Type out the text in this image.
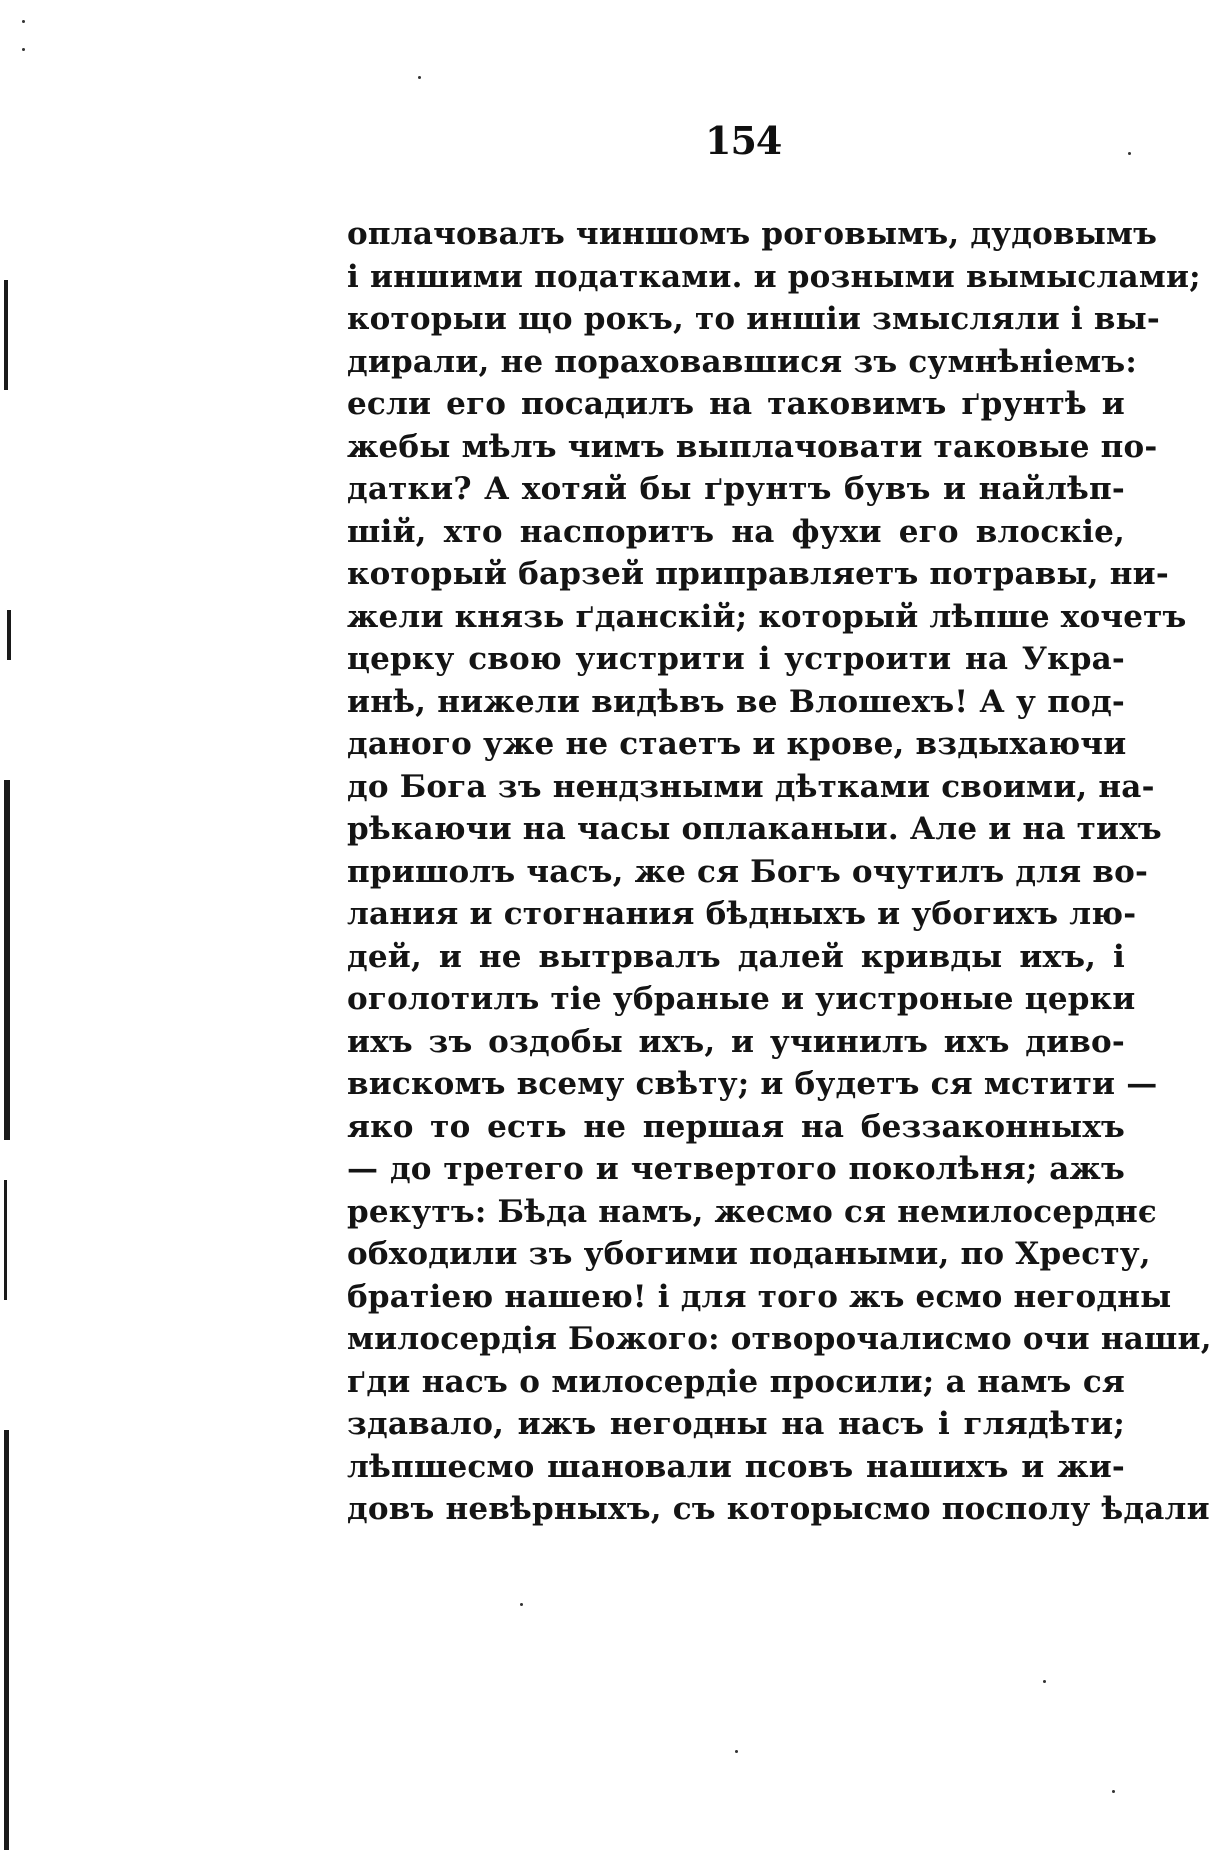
154
оплачовалъ чиншомъ роговымъ, дудовымъ
і иншими податками. и розными вымыслами;
которыи що рокъ, то иншіи змысляли і вы-
дирали, не пораховавшися зъ сумнѣніемъ:
если его посадилъ на таковимъ ґрунтѣ и
жебы мѣлъ чимъ выплачовати таковые по-
датки? А хотяй бы ґрунтъ бувъ и найлѣп-
шій, хто наспоритъ на фухи его влоскіе,
который барзей приправляетъ потравы, ни-
жели князь ґданскій; который лѣпше хочетъ
церку свою уистрити і устроити на Укра-
инѣ, нижели видѣвъ ве Влошехъ! А у под-
даного уже не стаетъ и крове, вздыхаючи
до Бога зъ нендзными дѣтками своими, на-
рѣкаючи на часы оплаканыи. Але и на тихъ
пришолъ часъ, же ся Богъ очутилъ для во-
лания и стогнания бѣдныхъ и убогихъ лю-
дей, и не вытрвалъ далей кривды ихъ, і
оголотилъ тіе убраные и уистроные церки
ихъ зъ оздобы ихъ, и учинилъ ихъ диво-
вискомъ всему свѣту; и будетъ ся мстити —
яко то есть не першая на беззаконныхъ
— до третего и четвертого поколѣня; ажъ
рекутъ: Бѣда намъ, жесмо ся немилосерднє
обходили зъ убогими подаными, по Хресту,
братіею нашею! і для того жъ есмо негодны
милосердія Божого: отворочалисмо очи наши,
ґди насъ о милосердіе просили; а намъ ся
здавало, ижъ негодны на насъ і глядѣти;
лѣпшесмо шановали псовъ нашихъ и жи-
довъ невѣрныхъ, съ которысмо посполу ѣдали
